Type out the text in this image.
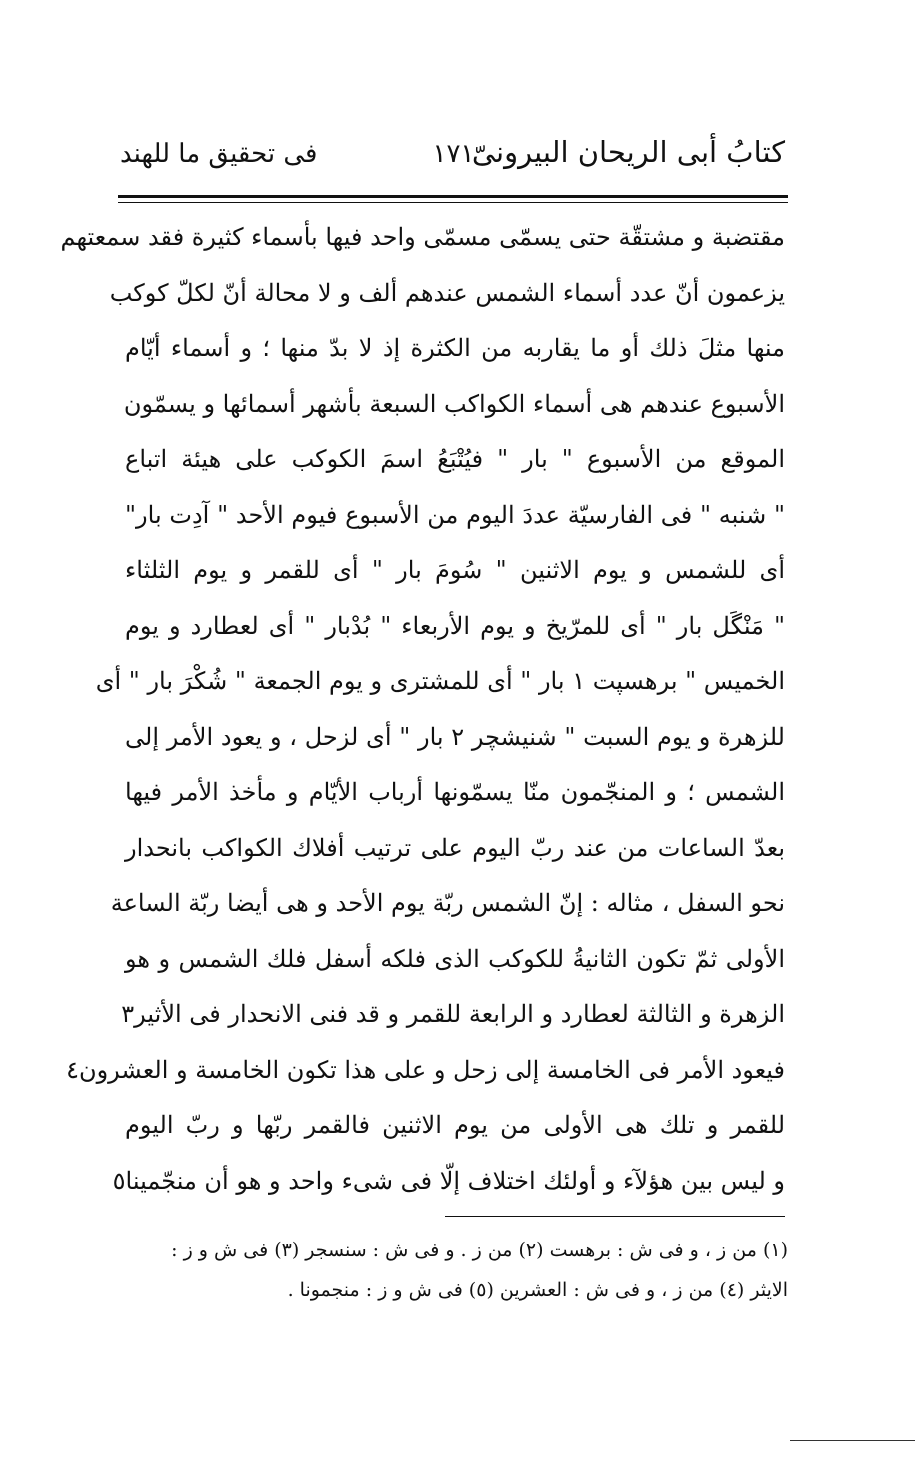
كتابُ أبى الريحان البيرونىّ
١٧١
فى تحقيق ما للهند
مقتضبة و مشتقّة حتى يسمّى مسمّى واحد فيها بأسماء كثيرة فقد سمعتهم
يزعمون أنّ عدد أسماء الشمس عندهم ألف و لا محالة أنّ لكلّ كوكب
منها مثلَ ذلك أو ما يقاربه من الكثرة إذ لا بدّ منها ؛ و أسماء أيّام
الأسبوع عندهم هى أسماء الكواكب السبعة بأشهر أسمائها و يسمّون
الموقع من الأسبوع " بار " فيُتْبَعُ اسمَ الكوكب على هيئة اتباع
" شنبه " فى الفارسيّة عددَ اليوم من الأسبوع فيوم الأحد " آدِت بار"
أى للشمس و يوم الاثنين " سُومَ بار " أى للقمر و يوم الثلثاء
" مَنْگَل بار " أى للمرّيخ و يوم الأربعاء " بُدْبار " أى لعطارد و يوم
الخميس " برهسپت ١ بار " أى للمشترى و يوم الجمعة " شُكْرَ بار " أى
للزهرة و يوم السبت " شنيشچر ٢ بار " أى لزحل ، و يعود الأمر إلى
الشمس ؛ و المنجّمون منّا يسمّونها أرباب الأيّام و مأخذ الأمر فيها
بعدّ الساعات من عند ربّ اليوم على ترتيب أفلاك الكواكب بانحدار
نحو السفل ، مثاله : إنّ الشمس ربّة يوم الأحد و هى أيضا ربّة الساعة
الأولى ثمّ تكون الثانيةُ للكوكب الذى فلكه أسفل فلك الشمس و هو
الزهرة و الثالثة لعطارد و الرابعة للقمر و قد فنى الانحدار فى الأثير٣
فيعود الأمر فى الخامسة إلى زحل و على هذا تكون الخامسة و العشرون٤
للقمر و تلك هى الأولى من يوم الاثنين فالقمر ربّها و ربّ اليوم
و ليس بين هؤلآء و أولئك اختلاف إلّا فى شىء واحد و هو أن منجّمينا٥
(١) من ز ، و فى ش : برهست (٢) من ز . و فى ش : سنسجر (٣) فى ش و ز :
الايثر (٤) من ز ، و فى ش : العشرين (٥) فى ش و ز : منجمونا .
